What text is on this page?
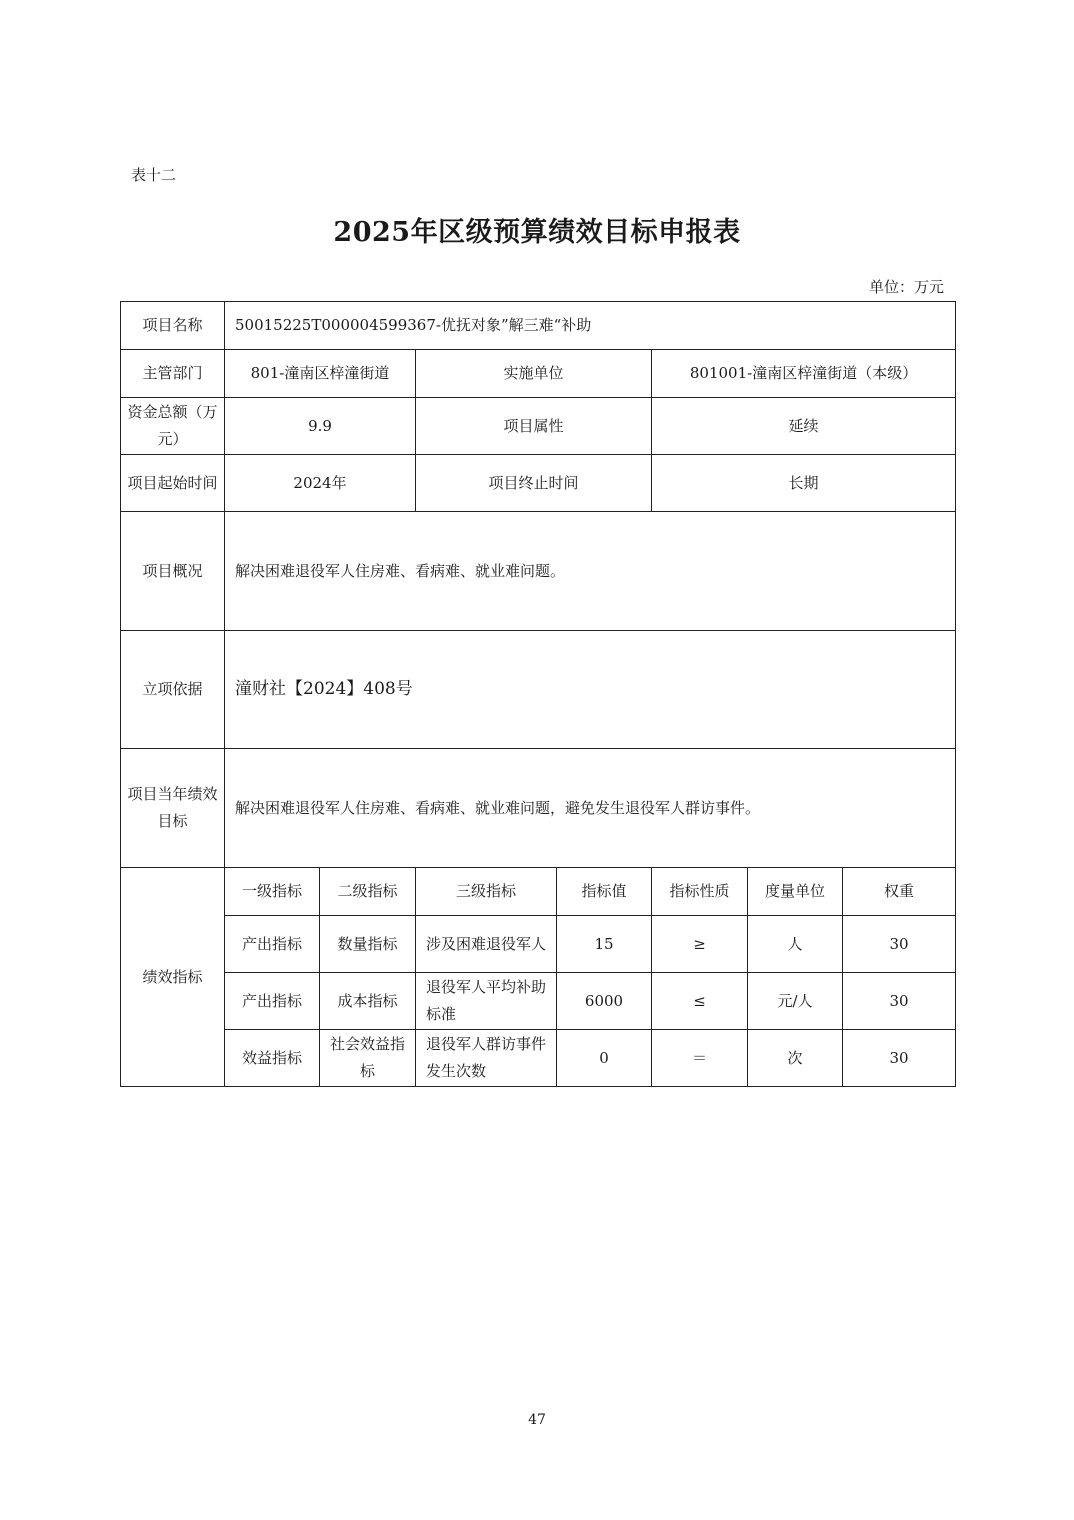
表十二
2025年区级预算绩效目标申报表
单位：万元
项目名称	50015225T000004599367-优抚对象”解三难“补助						
主管部门	801-潼南区梓潼街道		实施单位		801001-潼南区梓潼街道（本级）		
资金总额（万元）	9.9		项目属性		延续		
项目起始时间	2024年		项目终止时间		长期		
项目概况	解决困难退役军人住房难、看病难、就业难问题。						
立项依据	潼财社【2024】408号						
项目当年绩效目标	解决困难退役军人住房难、看病难、就业难问题，避免发生退役军人群访事件。						
绩效指标	一级指标	二级指标	三级指标	指标值	指标性质	度量单位	权重
	产出指标	数量指标	涉及困难退役军人	15	≥	人	30
	产出指标	成本指标	退役军人平均补助标准	6000	≤	元/人	30
	效益指标	社会效益指标	退役军人群访事件发生次数	0	＝	次	30
47
